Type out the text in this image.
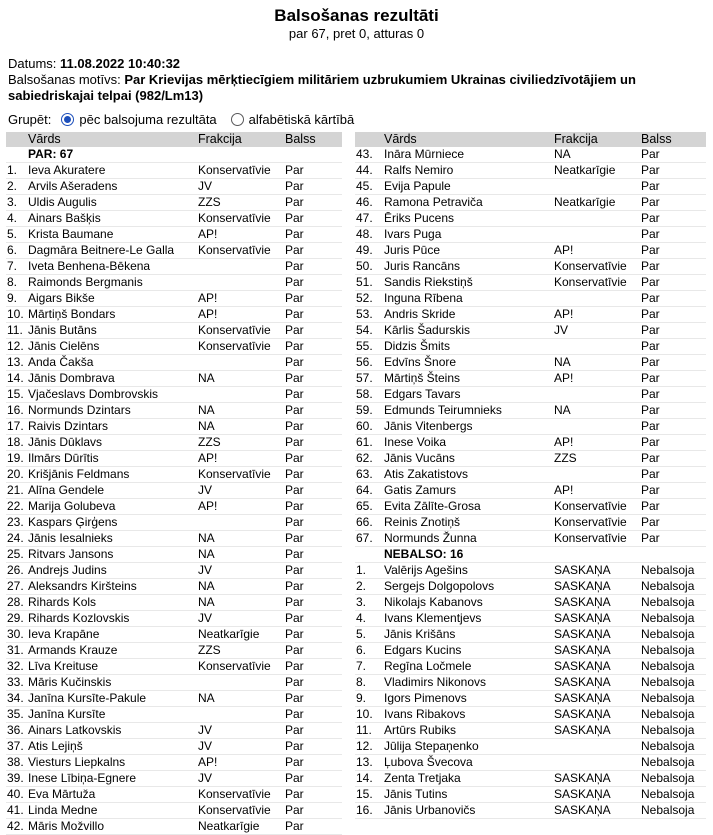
Balsošanas rezultāti
par 67, pret 0, atturas 0
Datums: 11.08.2022 10:40:32
Balsošanas motīvs: Par Krievijas mērķtiecīgiem militāriem uzbrukumiem Ukrainas civiliedzīvotājiem un sabiedriskajai telpai (982/Lm13)
Grupēt: pēc balsojuma rezultāta alfabētiskā kārtībā
Vārds	Frakcija	Balss	Vārds	Frakcija	Balss
PAR: 67
1. Ieva Akuratere	Konservatīvie	Par
2. Arvils Ašeradens	JV	Par
3. Uldis Augulis	ZZS	Par
4. Ainars Bašķis	Konservatīvie	Par
5. Krista Baumane	AP!	Par
6. Dagmāra Beitnere-Le Galla	Konservatīvie	Par
7. Iveta Benhena-Bēkena	Par
8. Raimonds Bergmanis	Par
9. Aigars Bikše	AP!	Par
10. Mārtiņš Bondars	AP!	Par
11. Jānis Butāns	Konservatīvie	Par
12. Jānis Cielēns	Konservatīvie	Par
13. Anda Čakša	Par
14. Jānis Dombrava	NA	Par
15. Vjačeslavs Dombrovskis	Par
16. Normunds Dzintars	NA	Par
17. Raivis Dzintars	NA	Par
18. Jānis Dūklavs	ZZS	Par
19. Ilmārs Dūrītis	AP!	Par
20. Krišjānis Feldmans	Konservatīvie	Par
21. Alīna Gendele	JV	Par
22. Marija Golubeva	AP!	Par
23. Kaspars Ģirģens	Par
24. Jānis Iesalnieks	NA	Par
25. Ritvars Jansons	NA	Par
26. Andrejs Judins	JV	Par
27. Aleksandrs Kiršteins	NA	Par
28. Rihards Kols	NA	Par
29. Rihards Kozlovskis	JV	Par
30. Ieva Krapāne	Neatkarīgie	Par
31. Armands Krauze	ZZS	Par
32. Līva Kreituse	Konservatīvie	Par
33. Māris Kučinskis	Par
34. Janīna Kursīte-Pakule	NA	Par
35. Janīna Kursīte	Par
36. Ainars Latkovskis	JV	Par
37. Atis Lejiņš	JV	Par
38. Viesturs Liepkalns	AP!	Par
39. Inese Lībiņa-Egnere	JV	Par
40. Eva Mārtuža	Konservatīvie	Par
41. Linda Medne	Konservatīvie	Par
42. Māris Možvillo	Neatkarīgie	Par
43. Ināra Mūrniece	NA	Par
44. Ralfs Nemiro	Neatkarīgie	Par
45. Evija Papule	Par
46. Ramona Petraviča	Neatkarīgie	Par
47. Ēriks Pucens	Par
48. Ivars Puga	Par
49. Juris Pūce	AP!	Par
50. Juris Rancāns	Konservatīvie	Par
51. Sandis Riekstiņš	Konservatīvie	Par
52. Inguna Rībena	Par
53. Andris Skride	AP!	Par
54. Kārlis Šadurskis	JV	Par
55. Didzis Šmits	Par
56. Edvīns Šnore	NA	Par
57. Mārtiņš Šteins	AP!	Par
58. Edgars Tavars	Par
59. Edmunds Teirumnieks	NA	Par
60. Jānis Vitenbergs	Par
61. Inese Voika	AP!	Par
62. Jānis Vucāns	ZZS	Par
63. Atis Zakatistovs	Par
64. Gatis Zamurs	AP!	Par
65. Evita Zālīte-Grosa	Konservatīvie	Par
66. Reinis Znotiņš	Konservatīvie	Par
67. Normunds Žunna	Konservatīvie	Par
NEBALSO: 16
1.	Valērijs Agešins	SASKAŅA	Nebalsoja
2.	Sergejs Dolgopolovs	SASKAŅA	Nebalsoja
3.	Nikolajs Kabanovs	SASKAŅA	Nebalsoja
4.	Ivans Klementjevs	SASKAŅA	Nebalsoja
5.	Jānis Krišāns	SASKAŅA	Nebalsoja
6.	Edgars Kucins	SASKAŅA	Nebalsoja
7.	Regīna Ločmele	SASKAŅA	Nebalsoja
8.	Vladimirs Nikonovs	SASKAŅA	Nebalsoja
9.	Igors Pimenovs	SASKAŅA	Nebalsoja
10. Ivans Ribakovs	SASKAŅA	Nebalsoja
11.	Artūrs Rubiks	SASKAŅA	Nebalsoja
12. Jūlija Stepaņenko	Nebalsoja
13. Ļubova Švecova	Nebalsoja
14. Zenta Tretjaka	SASKAŅA	Nebalsoja
15. Jānis Tutins	SASKAŅA	Nebalsoja
16. Jānis Urbanovičs	SASKAŅA	Nebalsoja
